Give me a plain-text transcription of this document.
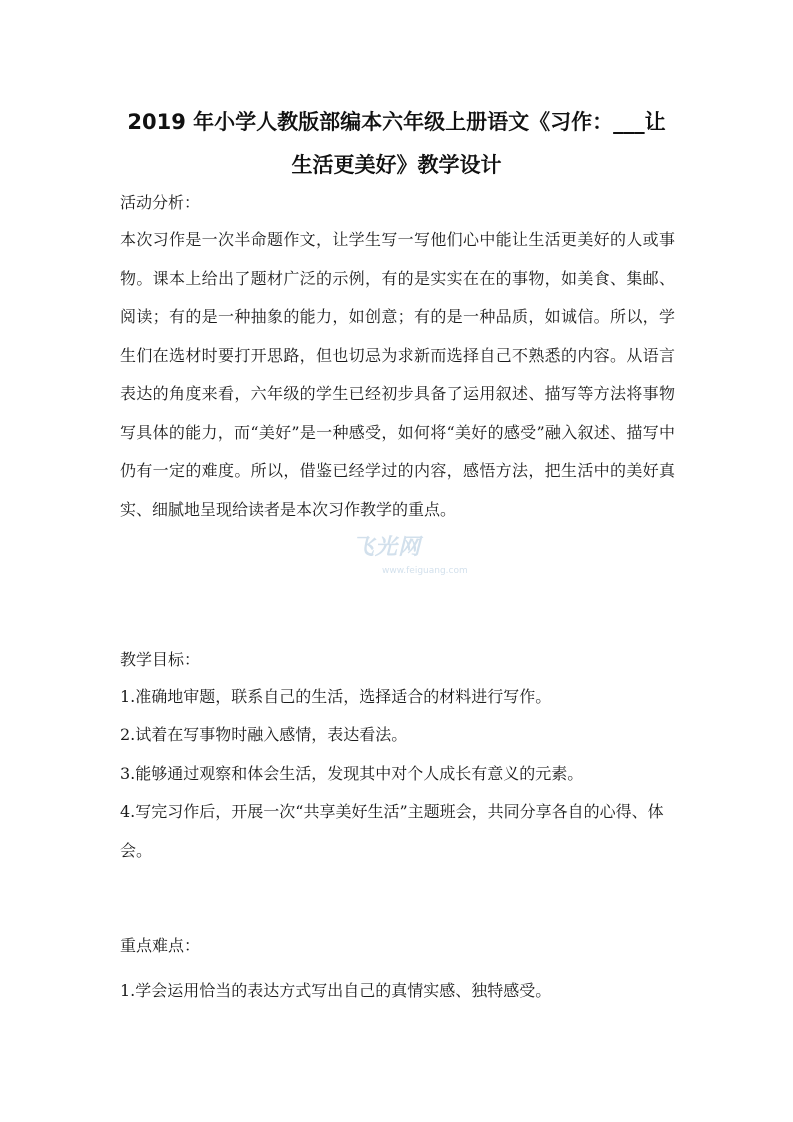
2019 年小学人教版部编本六年级上册语文《习作：___让
生活更美好》教学设计
活动分析：
本次习作是一次半命题作文，让学生写一写他们心中能让生活更美好的人或事物。课本上给出了题材广泛的示例，有的是实实在在的事物，如美食、集邮、阅读；有的是一种抽象的能力，如创意；有的是一种品质，如诚信。所以，学生们在选材时要打开思路，但也切忌为求新而选择自己不熟悉的内容。从语言表达的角度来看，六年级的学生已经初步具备了运用叙述、描写等方法将事物写具体的能力，而“美好”是一种感受，如何将“美好的感受”融入叙述、描写中仍有一定的难度。所以，借鉴已经学过的内容，感悟方法，把生活中的美好真实、细腻地呈现给读者是本次习作教学的重点。
飞光网
www.feiguang.com
教学目标：
1.准确地审题，联系自己的生活，选择适合的材料进行写作。
2.试着在写事物时融入感情，表达看法。
3.能够通过观察和体会生活，发现其中对个人成长有意义的元素。
4.写完习作后，开展一次“共享美好生活”主题班会，共同分享各自的心得、体会。
重点难点：
1.学会运用恰当的表达方式写出自己的真情实感、独特感受。
